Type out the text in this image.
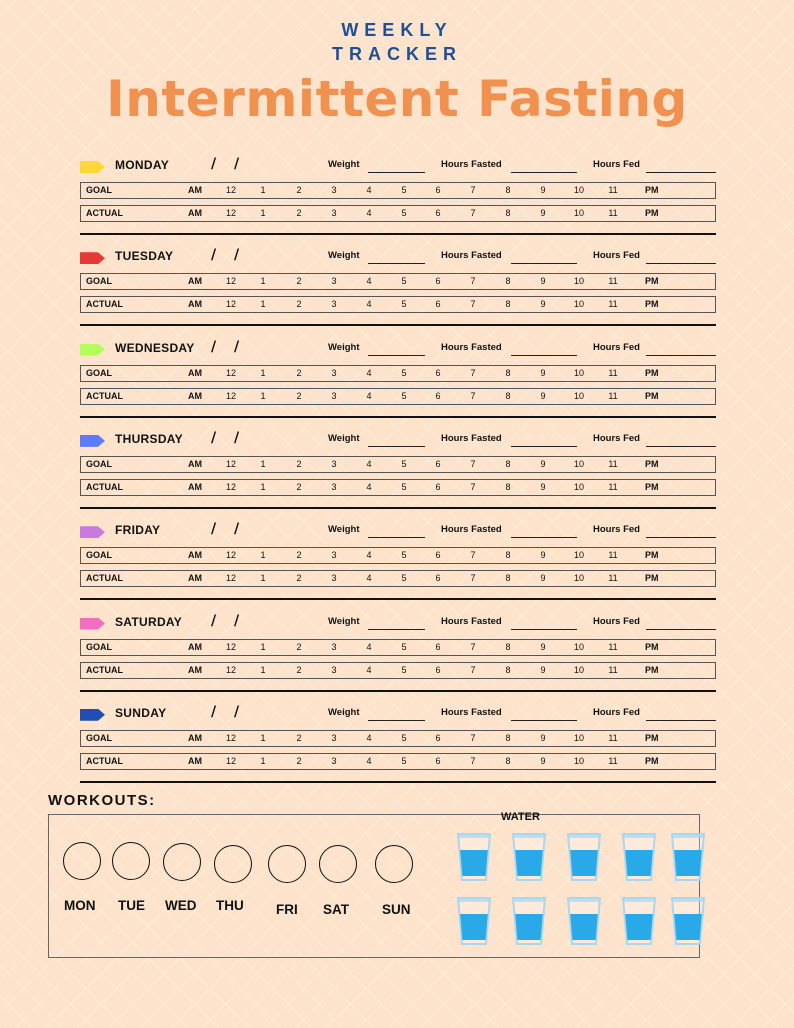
WEEKLY
TRACKER
Intermittent Fasting
MONDAY	/ /	Weight	Hours Fasted	Hours Fed
GOAL	AM	12	1	2	3	4	5	6	7	8	9	10	11	PM
ACTUAL	AM	12	1	2	3	4	5	6	7	8	9	10	11	PM
TUESDAY	/ /	Weight	Hours Fasted	Hours Fed
GOAL	AM	12	1	2	3	4	5	6	7	8	9	10	11	PM
ACTUAL	AM	12	1	2	3	4	5	6	7	8	9	10	11	PM
WEDNESDAY / /	Weight	Hours Fasted	Hours Fed
GOAL	AM	12	1	2	3	4	5	6	7	8	9	10	11	PM
ACTUAL	AM	12	1	2	3	4	5	6	7	8	9	10	11	PM
THURSDAY / /	Weight	Hours Fasted	Hours Fed
GOAL	AM	12	1	2	3	4	5	6	7	8	9	10	11	PM
ACTUAL	AM	12	1	2	3	4	5	6	7	8	9	10	11	PM
FRIDAY	/ /	Weight	Hours Fasted	Hours Fed
GOAL	AM	12	1	2	3	4	5	6	7	8	9	10	11	PM
ACTUAL	AM	12	1	2	3	4	5	6	7	8	9	10	11	PM
SATURDAY / /	Weight	Hours Fasted	Hours Fed
GOAL	AM	12	1	2	3	4	5	6	7	8	9	10	11	PM
ACTUAL	AM	12	1	2	3	4	5	6	7	8	9	10	11	PM
SUNDAY	/ /	Weight	Hours Fasted	Hours Fed
GOAL	AM	12	1	2	3	4	5	6	7	8	9	10	11	PM
ACTUAL	AM	12	1	2	3	4	5	6	7	8	9	10	11	PM
WORKOUTS:
MON TUE WED THU FRI SAT SUN
WATER
